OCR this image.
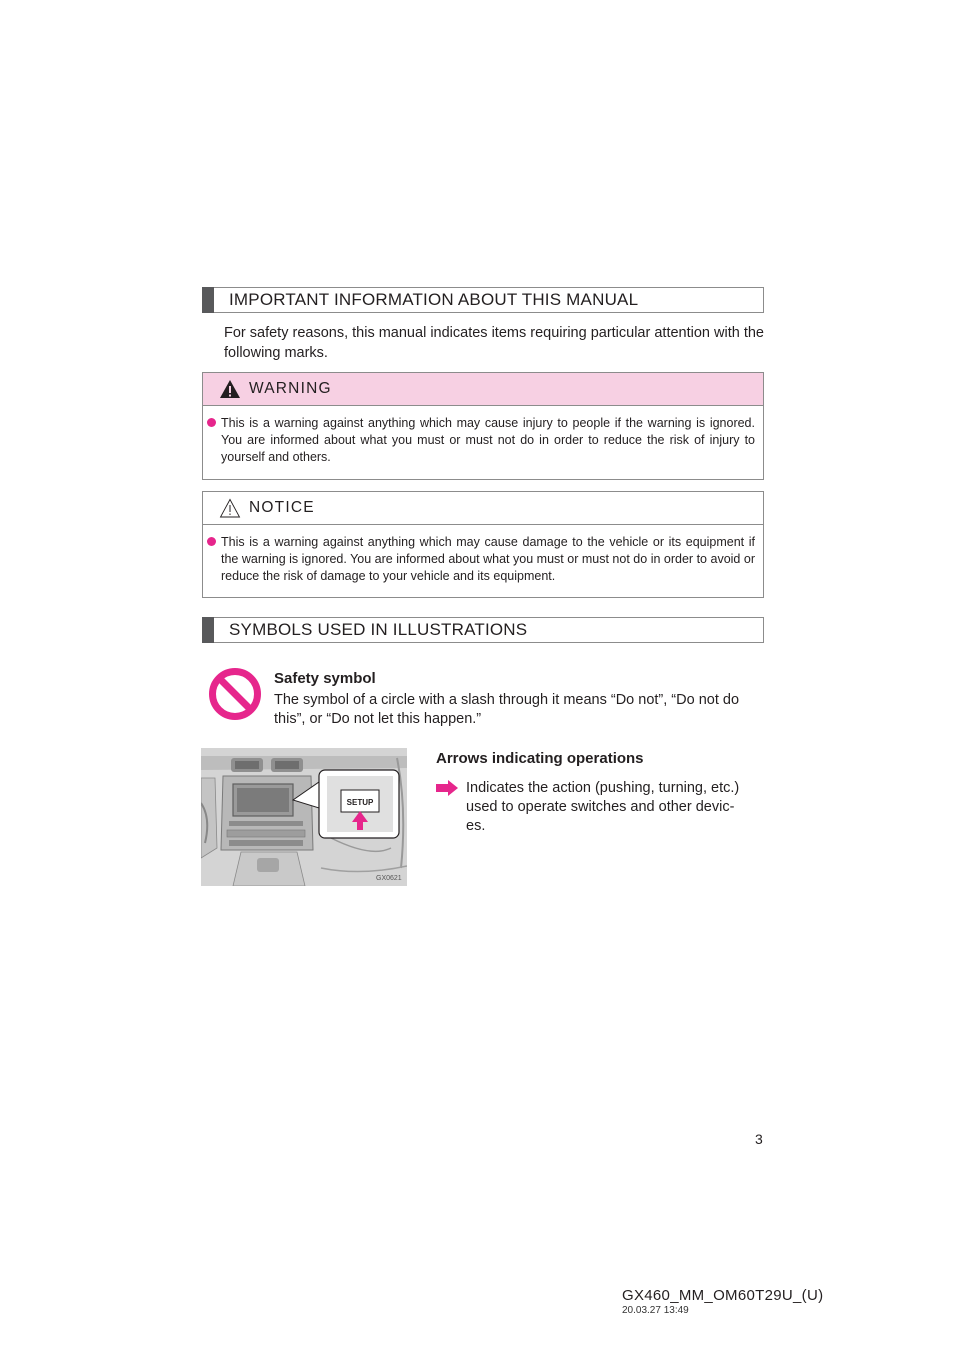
IMPORTANT INFORMATION ABOUT THIS MANUAL
For safety reasons, this manual indicates items requiring particular attention with the following marks.
WARNING
This is a warning against anything which may cause injury to people if the warning is ignored. You are informed about what you must or must not do in order to reduce the risk of injury to yourself and others.
NOTICE
This is a warning against anything which may cause damage to the vehicle or its equipment if the warning is ignored. You are informed about what you must or must not do in order to avoid or reduce the risk of damage to your vehicle and its equipment.
SYMBOLS USED IN ILLUSTRATIONS
Safety symbol
The symbol of a circle with a slash through it means “Do not”, “Do not do this”, or “Do not let this happen.”
SETUP
GX0621
Arrows indicating operations
Indicates the action (pushing, turning, etc.) used to operate switches and other devic- es.
3
GX460_MM_OM60T29U_(U)
20.03.27 13:49
